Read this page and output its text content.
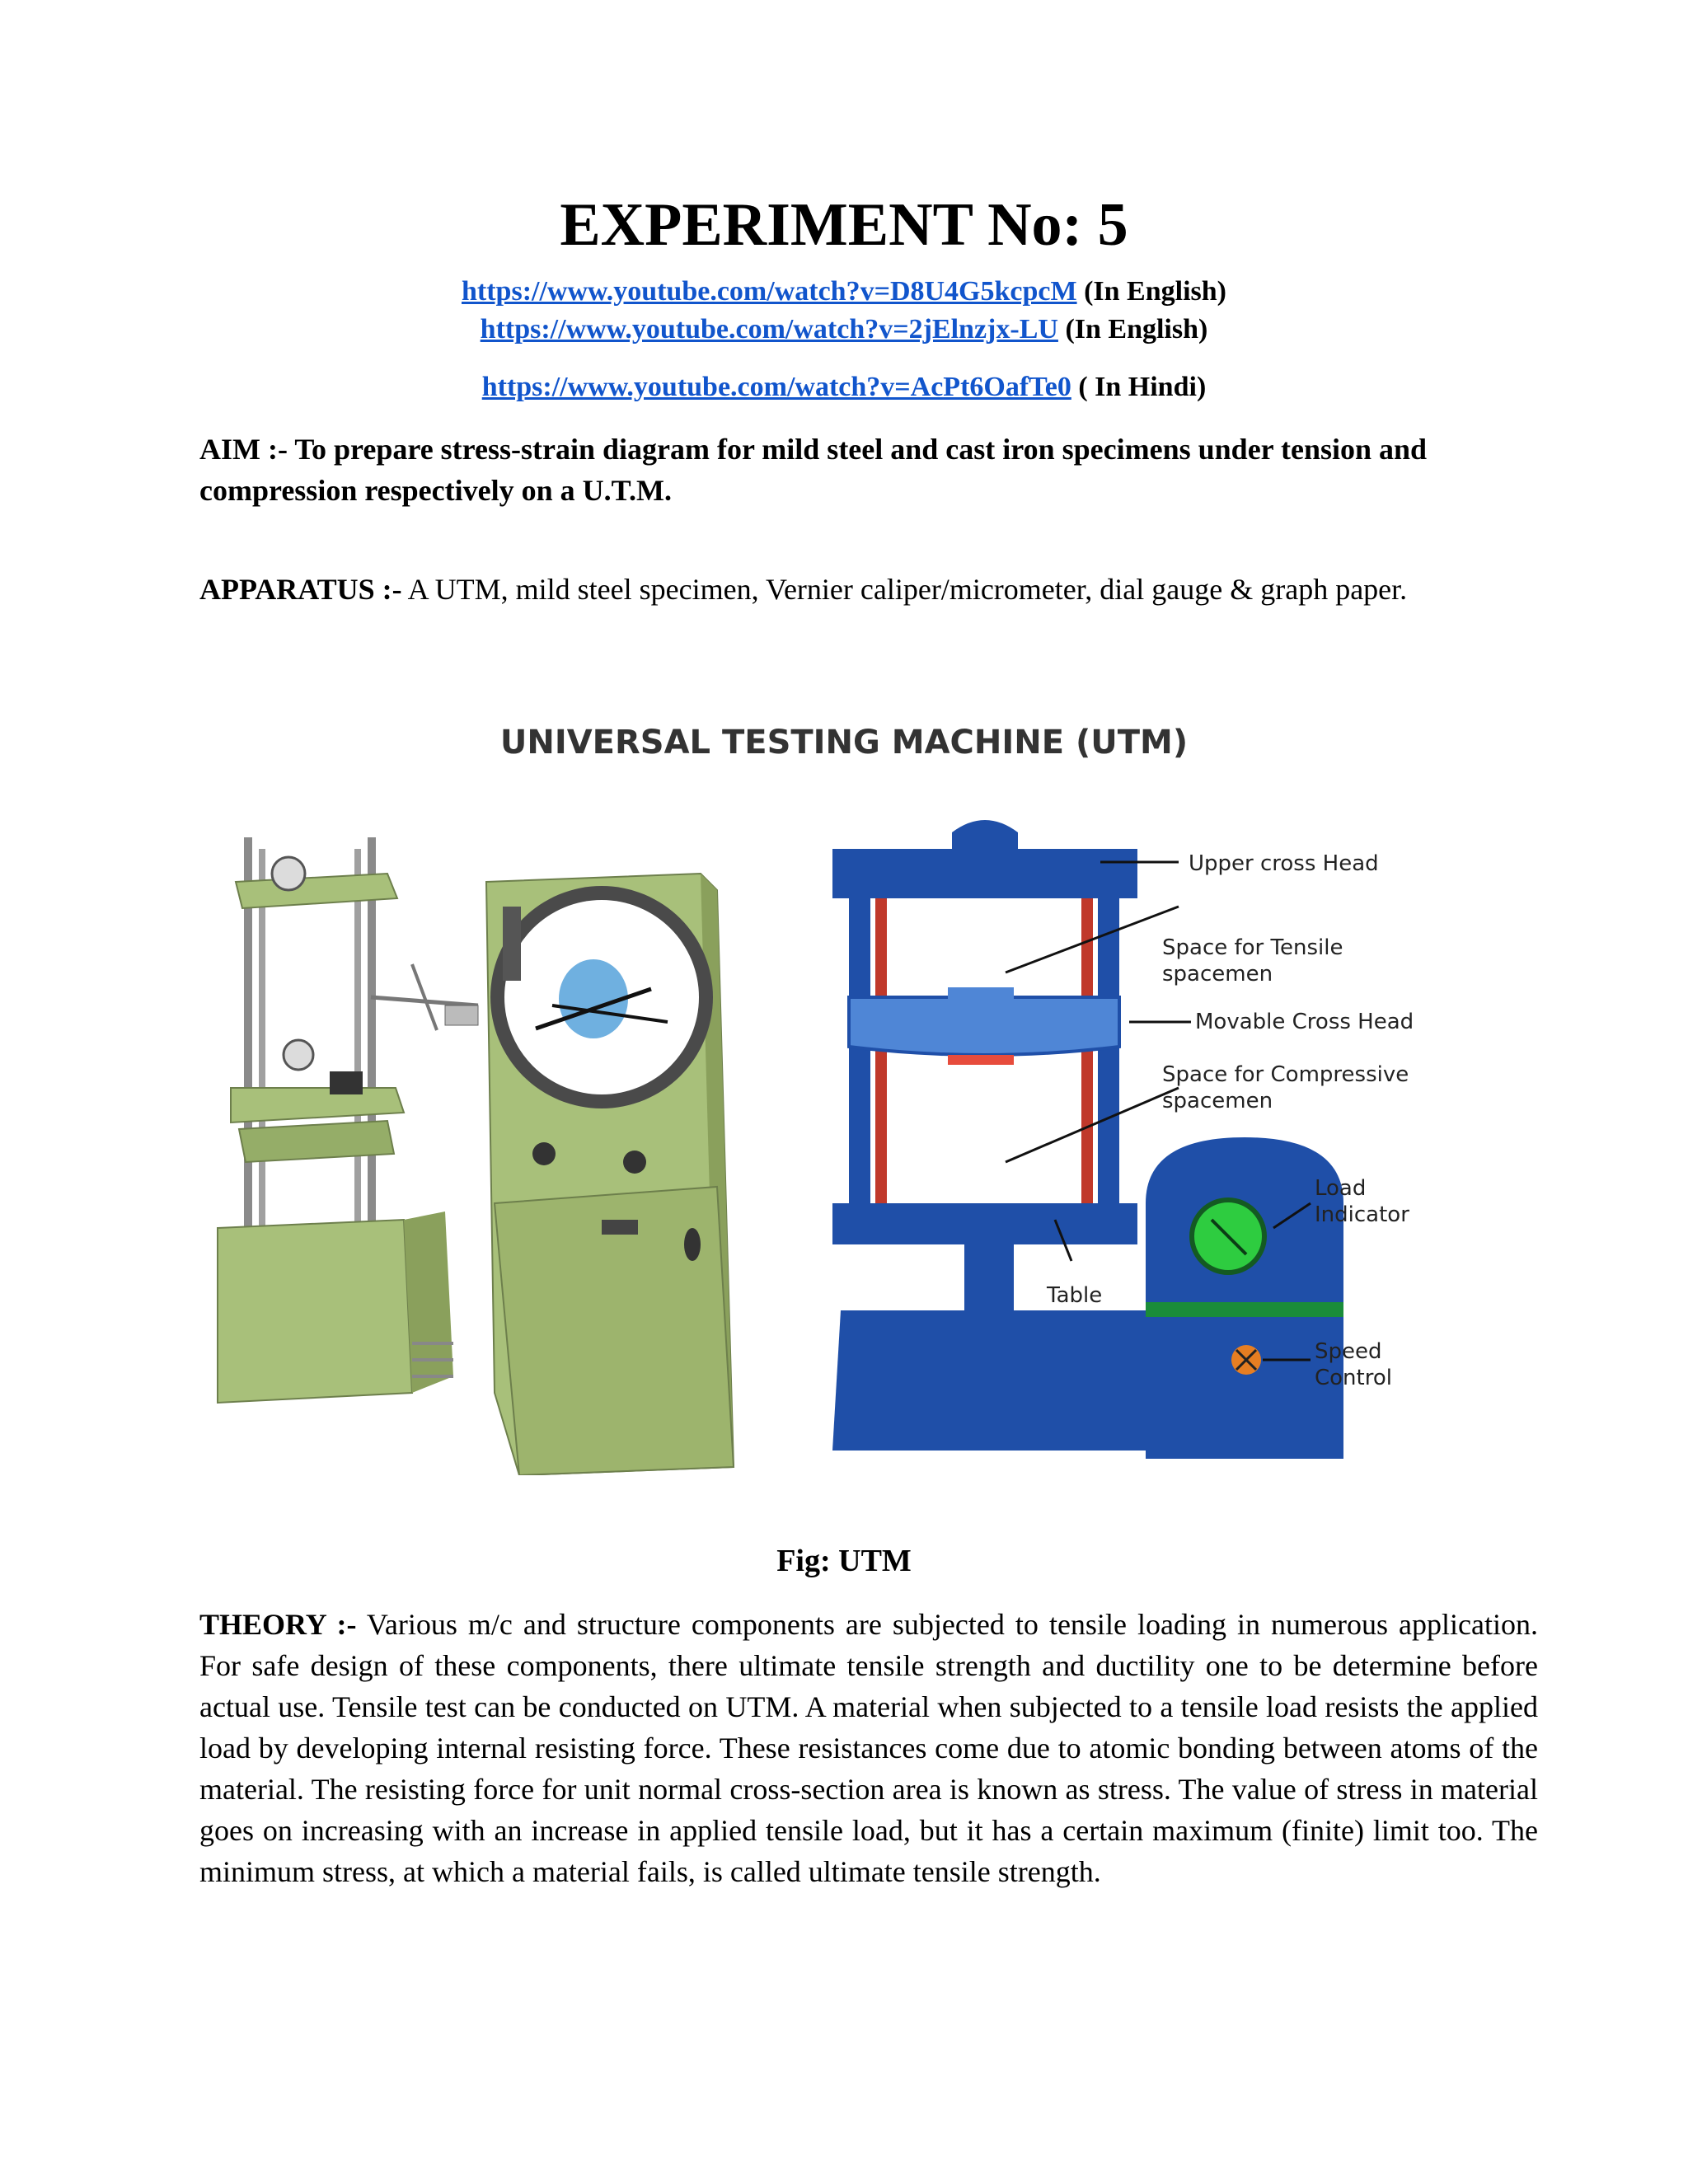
EXPERIMENT No: 5
https://www.youtube.com/watch?v=D8U4G5kcpcM (In English)
https://www.youtube.com/watch?v=2jElnzjx-LU (In English)
https://www.youtube.com/watch?v=AcPt6OafTe0 ( In Hindi)
AIM :- To prepare stress-strain diagram for mild steel and cast iron specimens under tension and compression respectively on a U.T.M.
APPARATUS :- A UTM, mild steel specimen, Vernier caliper/micrometer, dial gauge & graph paper.
UNIVERSAL TESTING MACHINE (UTM)
Upper cross Head
Space for Tensile
spacemen
Movable Cross Head
Space for Compressive
spacemen
Load
Indicator
Table
Speed
Control
Fig: UTM
THEORY :- Various m/c and structure components are subjected to tensile loading in numerous application. For safe design of these components, there ultimate tensile strength and ductility one to be determine before actual use. Tensile test can be conducted on UTM. A material when subjected to a tensile load resists the applied load by developing internal resisting force. These resistances come due to atomic bonding between atoms of the material. The resisting force for unit normal cross-section area is known as stress. The value of stress in material goes on increasing with an increase in applied tensile load, but it has a certain maximum (finite) limit too. The minimum stress, at which a material fails, is called ultimate tensile strength.
